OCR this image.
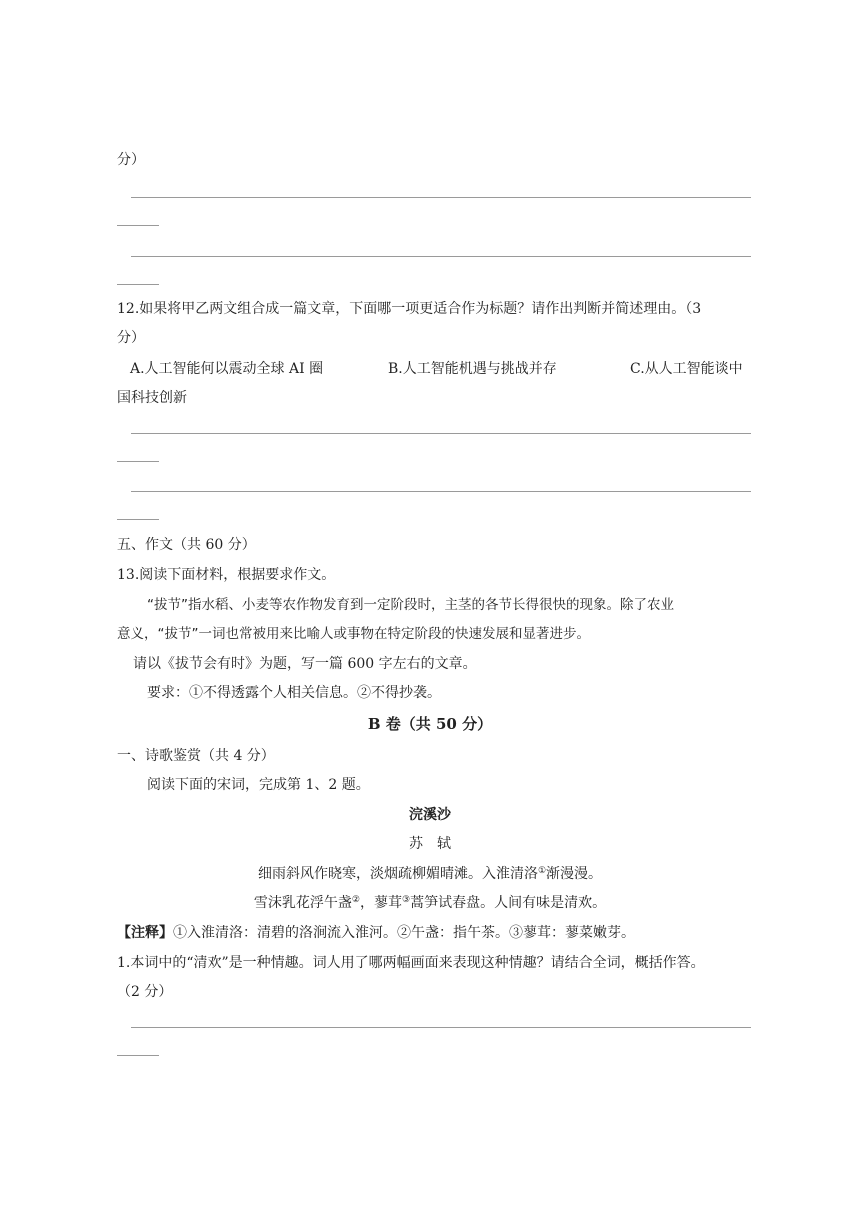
分）
12.如果将甲乙两文组合成一篇文章，下面哪一项更适合作为标题？请作出判断并简述理由。（3
分）
A.人工智能何以震动全球 AI 圈	B.人工智能机遇与挑战并存	C.从人工智能谈中
国科技创新
五、作文（共 60 分）
13.阅读下面材料，根据要求作文。
“拔节”指水稻、小麦等农作物发育到一定阶段时，主茎的各节长得很快的现象。除了农业
意义，“拔节”一词也常被用来比喻人或事物在特定阶段的快速发展和显著进步。
请以《拔节会有时》为题，写一篇 600 字左右的文章。
要求：①不得透露个人相关信息。②不得抄袭。
B 卷（共 50 分）
一、诗歌鉴赏（共 4 分）
阅读下面的宋词，完成第 1、2 题。
浣溪沙
苏　轼
细雨斜风作晓寒，淡烟疏柳媚晴滩。入淮清洛①渐漫漫。
雪沫乳花浮午盏②，蓼茸③蒿笋试春盘。人间有味是清欢。
【注释】①入淮清洛：清碧的洛涧流入淮河。②午盏：指午茶。③蓼茸：蓼菜嫩芽。
1.本词中的“清欢”是一种情趣。词人用了哪两幅画面来表现这种情趣？请结合全词，概括作答。
（2 分）
